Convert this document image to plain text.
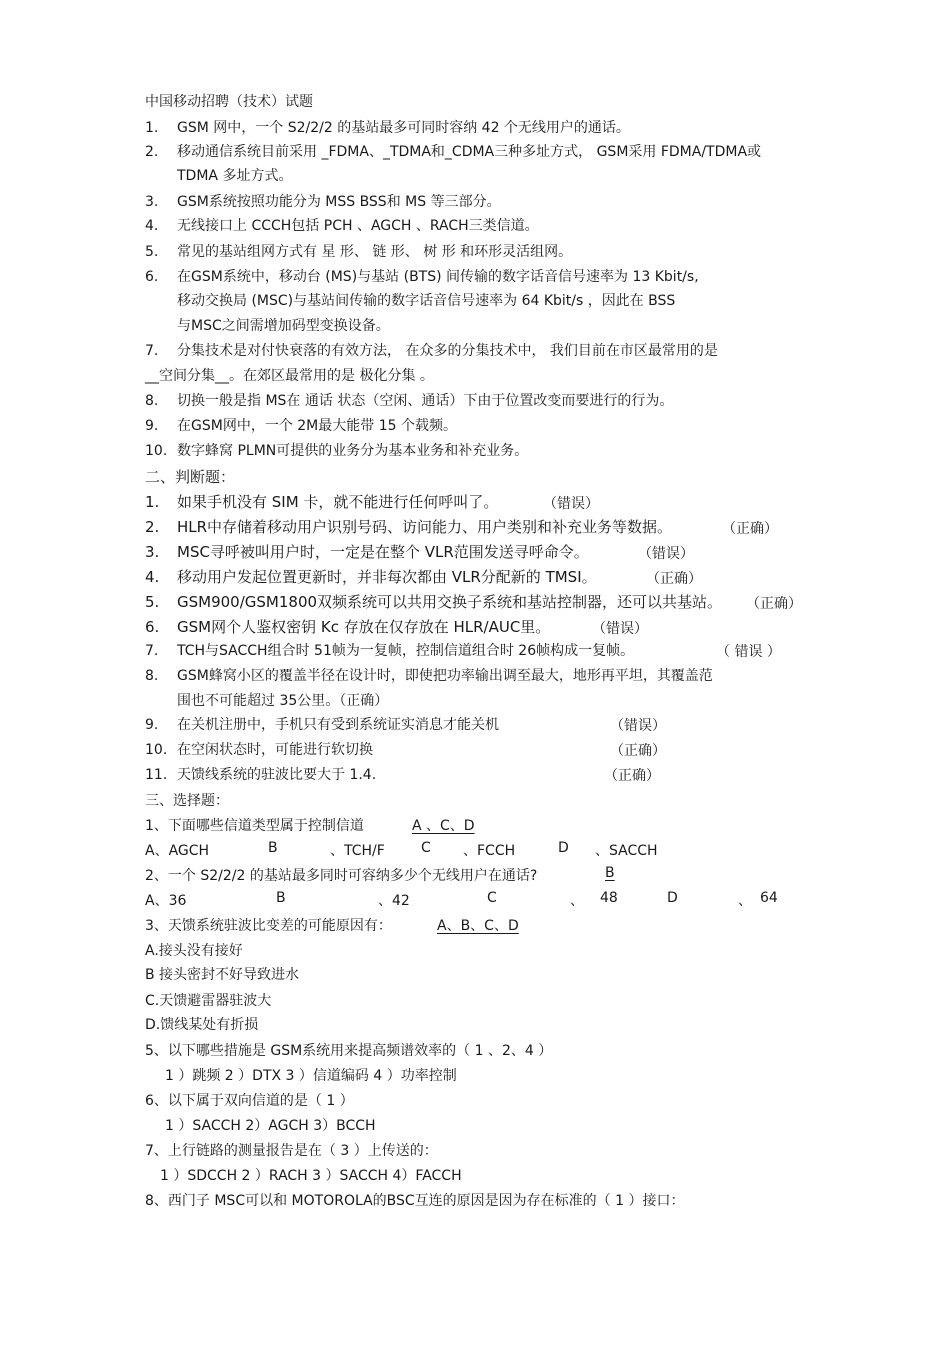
中国移动招聘（技术）试题
1. GSM 网中，一个 S2/2/2 的基站最多可同时容纳 42 个无线用户的通话。
2. 移动通信系统目前采用 _FDMA、_TDMA和_CDMA三种多址方式， GSM采用 FDMA/TDMA或
TDMA 多址方式。
3. GSM系统按照功能分为 MSS BSS和 MS 等三部分。
4. 无线接口上 CCCH包括 PCH 、AGCH 、RACH三类信道。
5. 常见的基站组网方式有 星 形、 链 形、 树 形 和环形灵活组网。
6. 在GSM系统中，移动台 (MS)与基站 (BTS) 间传输的数字话音信号速率为 13 Kbit/s,
移动交换局 (MSC)与基站间传输的数字话音信号速率为 64 Kbit/s ，因此在 BSS
与MSC之间需增加码型变换设备。
7. 分集技术是对付快衰落的有效方法， 在众多的分集技术中， 我们目前在市区最常用的是
__空间分集__。在郊区最常用的是 极化分集 。
8. 切换一般是指 MS在 通话 状态（空闲、通话）下由于位置改变而要进行的行为。
9. 在GSM网中，一个 2M最大能带 15 个载频。
10. 数字蜂窝 PLMN可提供的业务分为基本业务和补充业务。
二、判断题：
1. 如果手机没有 SIM 卡，就不能进行任何呼叫了。	（错误）
2. HLR中存储着移动用户识别号码、访问能力、用户类别和补充业务等数据。	（正确）
3. MSC寻呼被叫用户时，一定是在整个 VLR范围发送寻呼命令。	（错误）
4. 移动用户发起位置更新时，并非每次都由 VLR分配新的 TMSI。	（正确）
5. GSM900/GSM1800双频系统可以共用交换子系统和基站控制器，还可以共基站。 （正确）
6. GSM网个人鉴权密钥 Kc 存放在仅存放在 HLR/AUC里。	（错误）
7. TCH与SACCH组合时 51帧为一复帧，控制信道组合时 26帧构成一复帧。	（ 错误 ）
8. GSM蜂窝小区的覆盖半径在设计时，即使把功率输出调至最大，地形再平坦，其覆盖范
围也不可能超过 35公里。（正确）
9. 在关机注册中，手机只有受到系统证实消息才能关机	（错误）
10. 在空闲状态时，可能进行软切换	（正确）
11. 天馈线系统的驻波比要大于 1.4.	（正确）
三、选择题：
1、下面哪些信道类型属于控制信道	A 、C、D
A、AGCH	B	、TCH/F	C 、FCCH	D 、SACCH
2、一个 S2/2/2 的基站最多同时可容纳多少个无线用户在通话?	B
A、36	B	、42	C	、 48	D	、 64
3、天馈系统驻波比变差的可能原因有：	A、B、C、D
A.接头没有接好
B 接头密封不好导致进水
C.天馈避雷器驻波大
D.馈线某处有折损
5、以下哪些措施是 GSM系统用来提高频谱效率的（ 1 、2、4 ）
1 ）跳频 2 ）DTX 3 ）信道编码 4 ）功率控制
6、以下属于双向信道的是（ 1 ）
1 ）SACCH 2）AGCH 3）BCCH
7、上行链路的测量报告是在（ 3 ）上传送的：
1 ）SDCCH 2 ）RACH 3 ）SACCH 4）FACCH
8、西门子 MSC可以和 MOTOROLA的BSC互连的原因是因为存在标准的（ 1 ）接口：
